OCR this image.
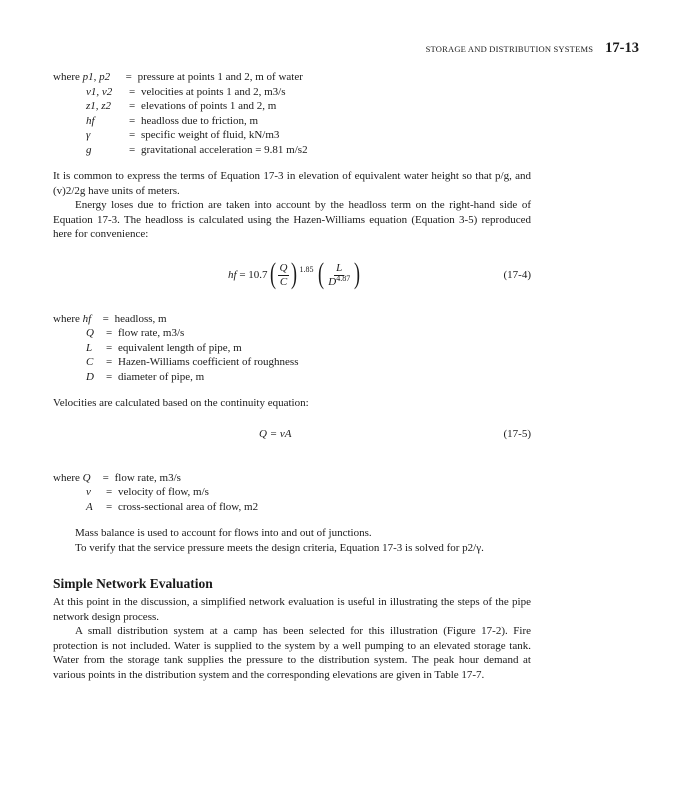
STORAGE AND DISTRIBUTION SYSTEMS 17-13
where
p1, p2	= pressure at points 1 and 2, m of water
v1, v2	= velocities at points 1 and 2, m3/s
z1, z2	= elevations of points 1 and 2, m
hf	= headloss due to friction, m
γ	= specific weight of fluid, kN/m3
g	= gravitational acceleration = 9.81 m/s2

It is common to express the terms of Equation 17-3 in elevation of equivalent water height so that p/g, and (v)2/2g have units of meters.

Energy loses due to friction are taken into account by the headloss term on the right-hand side of Equation 17-3. The headloss is calculated using the Hazen-Williams equation (Equation 3-5) reproduced here for convenience:

hf
= 10.7 ( $\frac{Q}{C}$ ) 1.85
( $\frac{L}{D^{4.87}}$ )	(17-4)
where
hf	= headloss, m
Q	= flow rate, m3/s
L	= equivalent length of pipe, m
C	= Hazen-Williams coefficient of roughness
D	= diameter of pipe, m

Velocities are calculated based on the continuity equation:

Q = vA	(17-5)
where
Q	= flow rate, m3/s
v	= velocity of flow, m/s
A	= cross-sectional area of flow, m2

Mass balance is used to account for flows into and out of junctions.

To verify that the service pressure meets the design criteria, Equation 17-3 is solved for p2/γ.

Simple Network Evaluation

At this point in the discussion, a simplified network evaluation is useful in illustrating the steps of the pipe network design process.

A small distribution system at a camp has been selected for this illustration (Figure 17-2). Fire protection is not included. Water is supplied to the system by a well pumping to an elevated storage tank. Water from the storage tank supplies the pressure to the distribution system. The peak hour demand at various points in the distribution system and the corresponding elevations are given in Table 17-7.
